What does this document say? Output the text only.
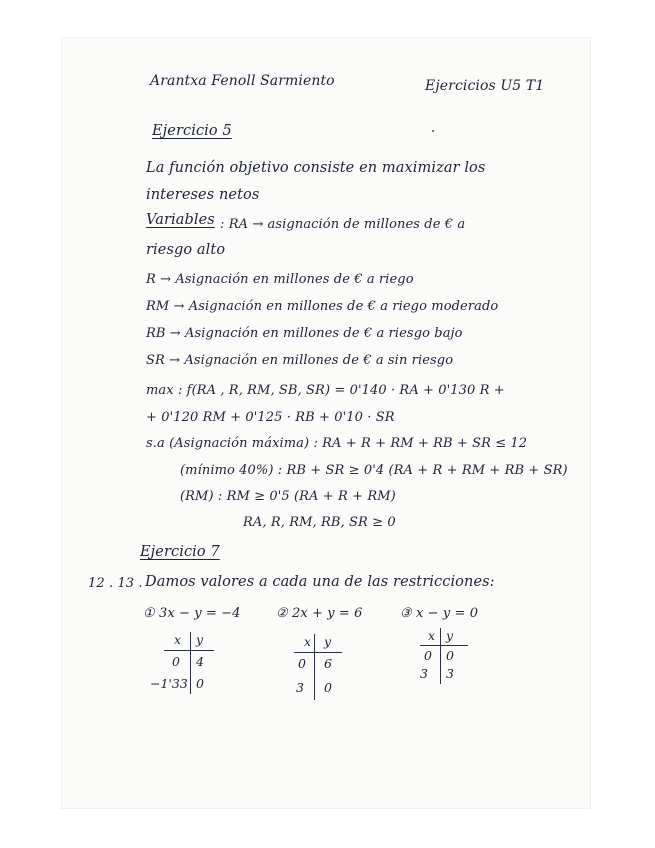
Arantxa Fenoll Sarmiento	Ejercicios U5 T1
Ejercicio 5
La función objetivo consiste en maximizar los
intereses netos
Variables : RA → asignación de millones de € a
riesgo alto
R → Asignación en millones de € a riego
RM → Asignación en millones de € a riego moderado
RB → Asignación en millones de € a riesgo bajo
SR → Asignación en millones de € a sin riesgo
max : f(RA , R, RM, SB, SR) = 0'140 · RA + 0'130 R +
+ 0'120 RM + 0'125 · RB + 0'10 · SR
s.a (Asignación máxima) : RA + R + RM + RB + SR ≤ 12
(mínimo 40%) : RB + SR ≥ 0'4 (RA + R + RM + RB + SR)
(RM) : RM ≥ 0'5 (RA + R + RM)
RA, R, RM, RB, SR ≥ 0
Ejercicio 7
12 . 13 . Damos valores a cada una de las restricciones:
① 3x − y = −4	② 2x + y = 6	③ x − y = 0
x y
0 4
−1'33 0
x y
0 6
3 0
x y
0 0
3 3
